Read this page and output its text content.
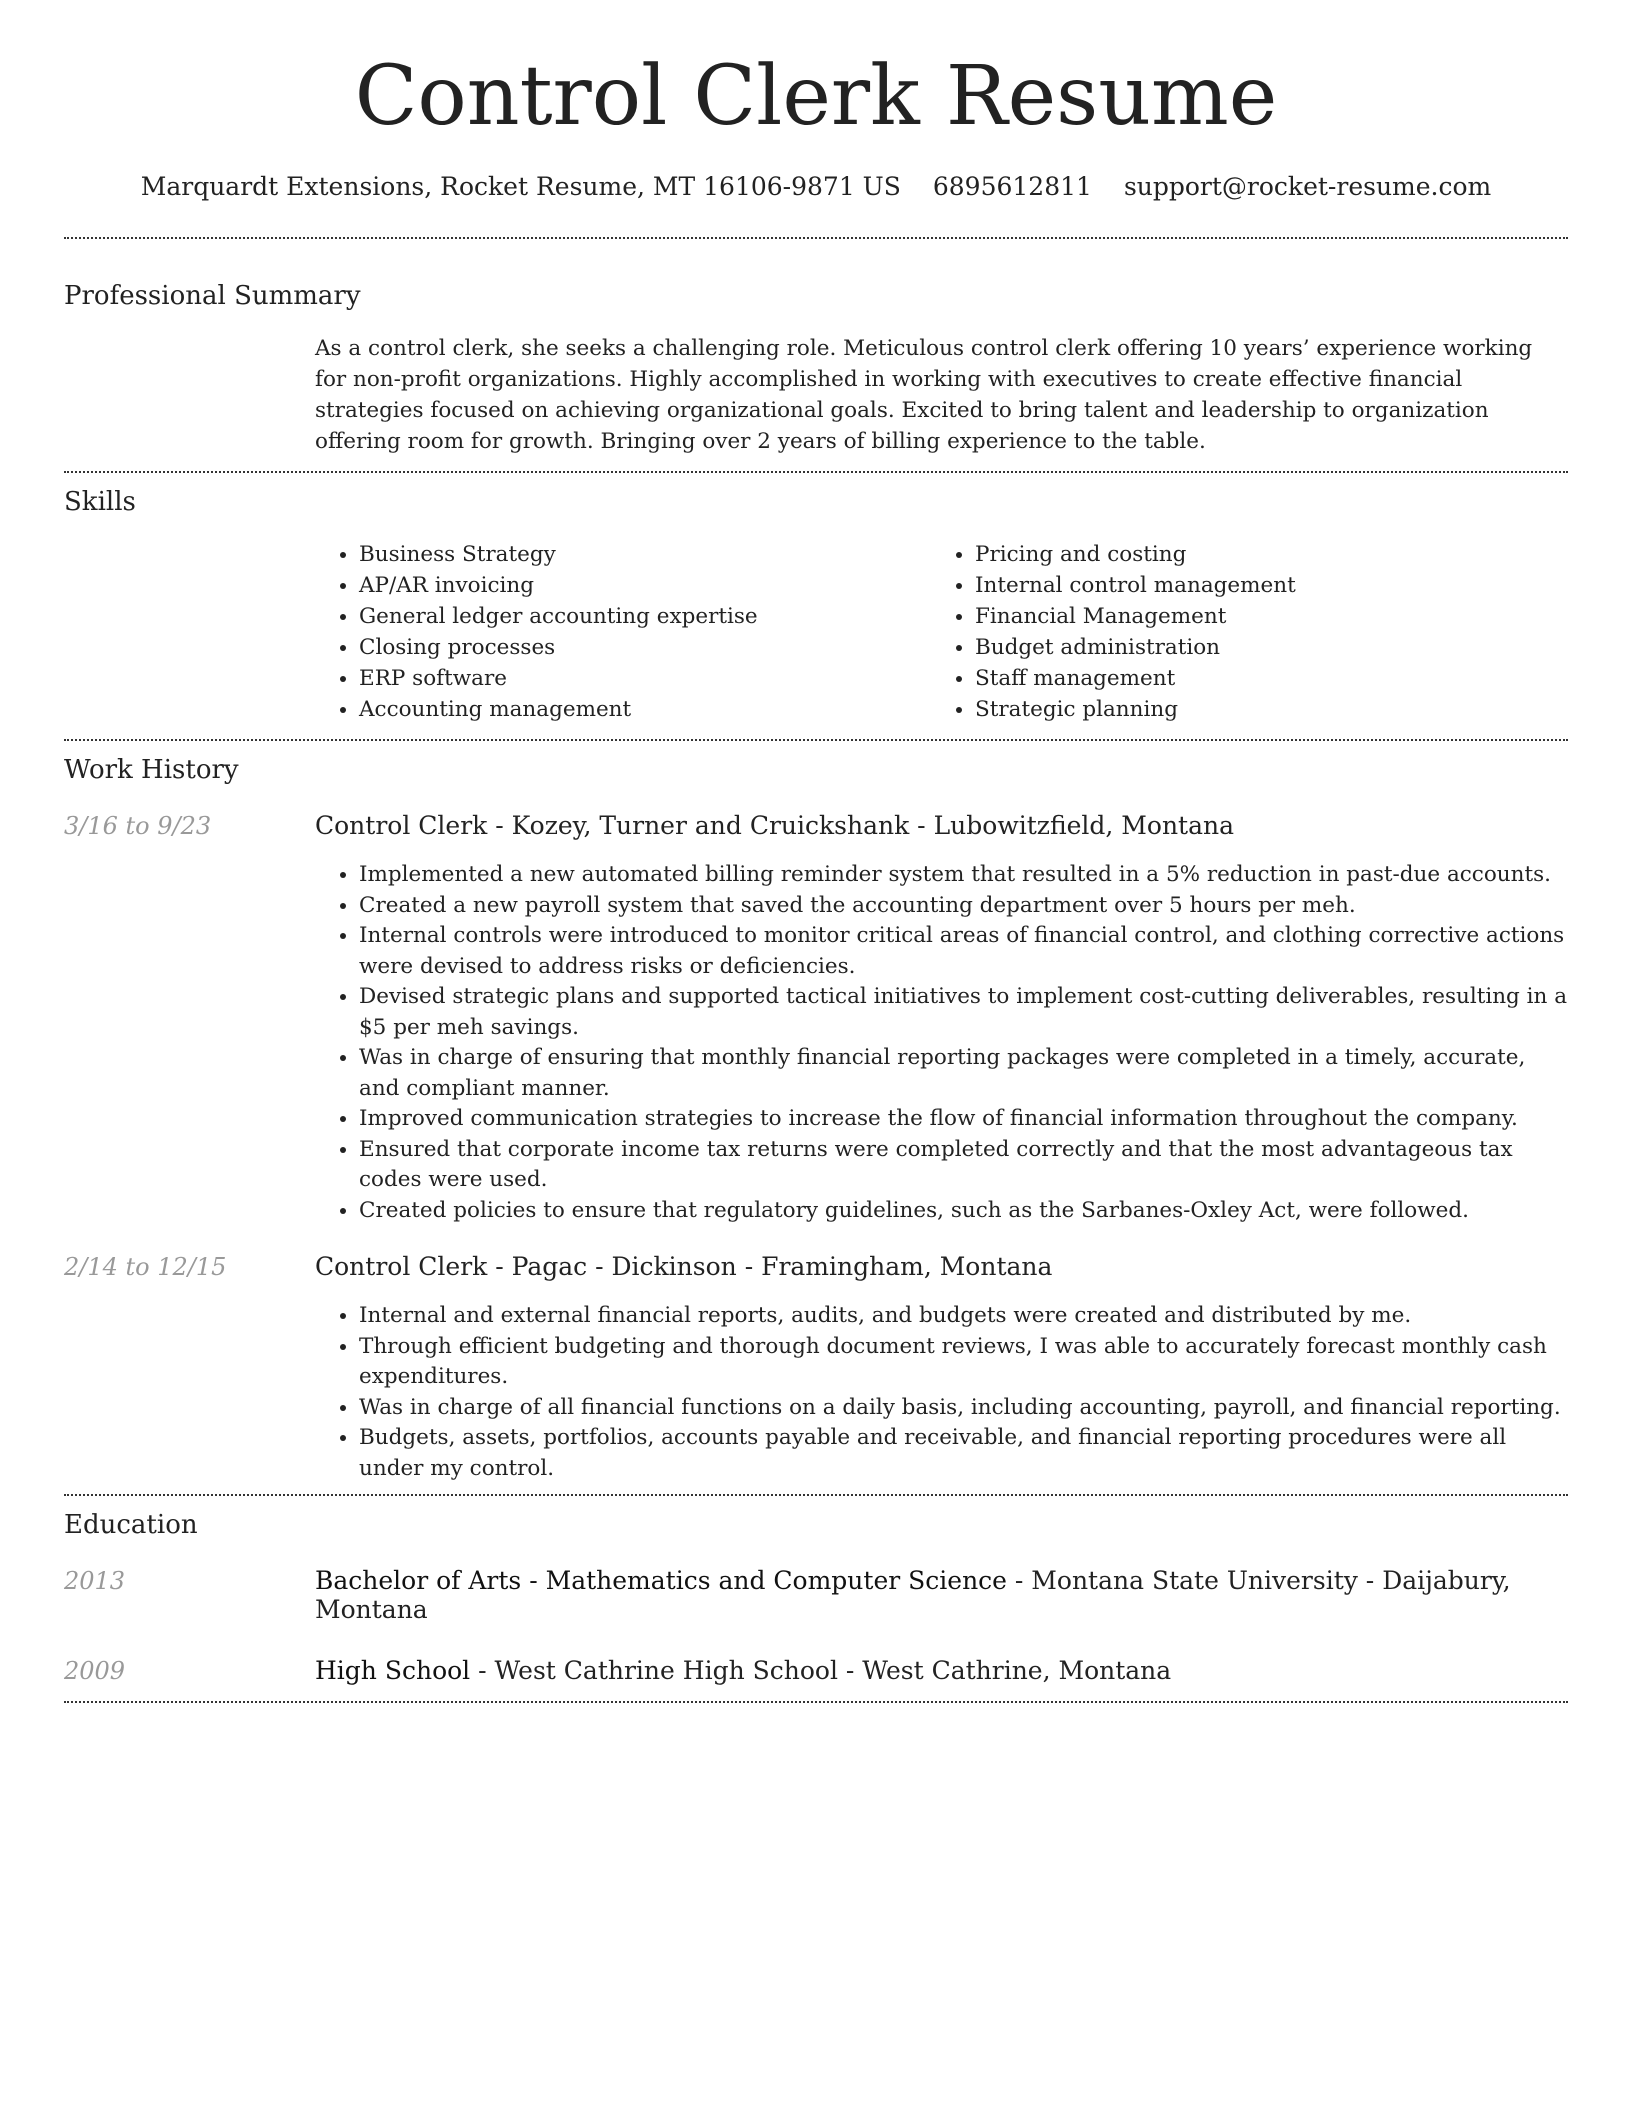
Control Clerk Resume
Marquardt Extensions, Rocket Resume, MT 16106-9871 US 6895612811 support@rocket-resume.com
Professional Summary

As a control clerk, she seeks a challenging role. Meticulous control clerk offering 10 years’ experience working for non-profit organizations. Highly accomplished in working with executives to create effective financial strategies focused on achieving organizational goals. Excited to bring talent and leadership to organization offering room for growth. Bringing over 2 years of billing experience to the table.

Skills
• Business Strategy
• AP/AR invoicing
• General ledger accounting expertise
• Closing processes
• ERP software
• Accounting management
• Pricing and costing
• Internal control management
• Financial Management
• Budget administration
• Staff management
• Strategic planning
Work History
3/16 to 9/23	Control Clerk - Kozey, Turner and Cruickshank - Lubowitzfield, Montana
• Implemented a new automated billing reminder system that resulted in a 5% reduction in past-due accounts.
• Created a new payroll system that saved the accounting department over 5 hours per meh.
• Internal controls were introduced to monitor critical areas of financial control, and clothing corrective actions were devised to address risks or deficiencies.
• Devised strategic plans and supported tactical initiatives to implement cost-cutting deliverables, resulting in a $5 per meh savings.
• Was in charge of ensuring that monthly financial reporting packages were completed in a timely, accurate, and compliant manner.
• Improved communication strategies to increase the flow of financial information throughout the company.
• Ensured that corporate income tax returns were completed correctly and that the most advantageous tax codes were used.
• Created policies to ensure that regulatory guidelines, such as the Sarbanes-Oxley Act, were followed.
2/14 to 12/15	Control Clerk - Pagac - Dickinson - Framingham, Montana
• Internal and external financial reports, audits, and budgets were created and distributed by me.
• Through efficient budgeting and thorough document reviews, I was able to accurately forecast monthly cash expenditures.
• Was in charge of all financial functions on a daily basis, including accounting, payroll, and financial reporting.
• Budgets, assets, portfolios, accounts payable and receivable, and financial reporting procedures were all under my control.
Education
2013	Bachelor of Arts - Mathematics and Computer Science - Montana State University - Daijabury, Montana
2009	High School - West Cathrine High School - West Cathrine, Montana
